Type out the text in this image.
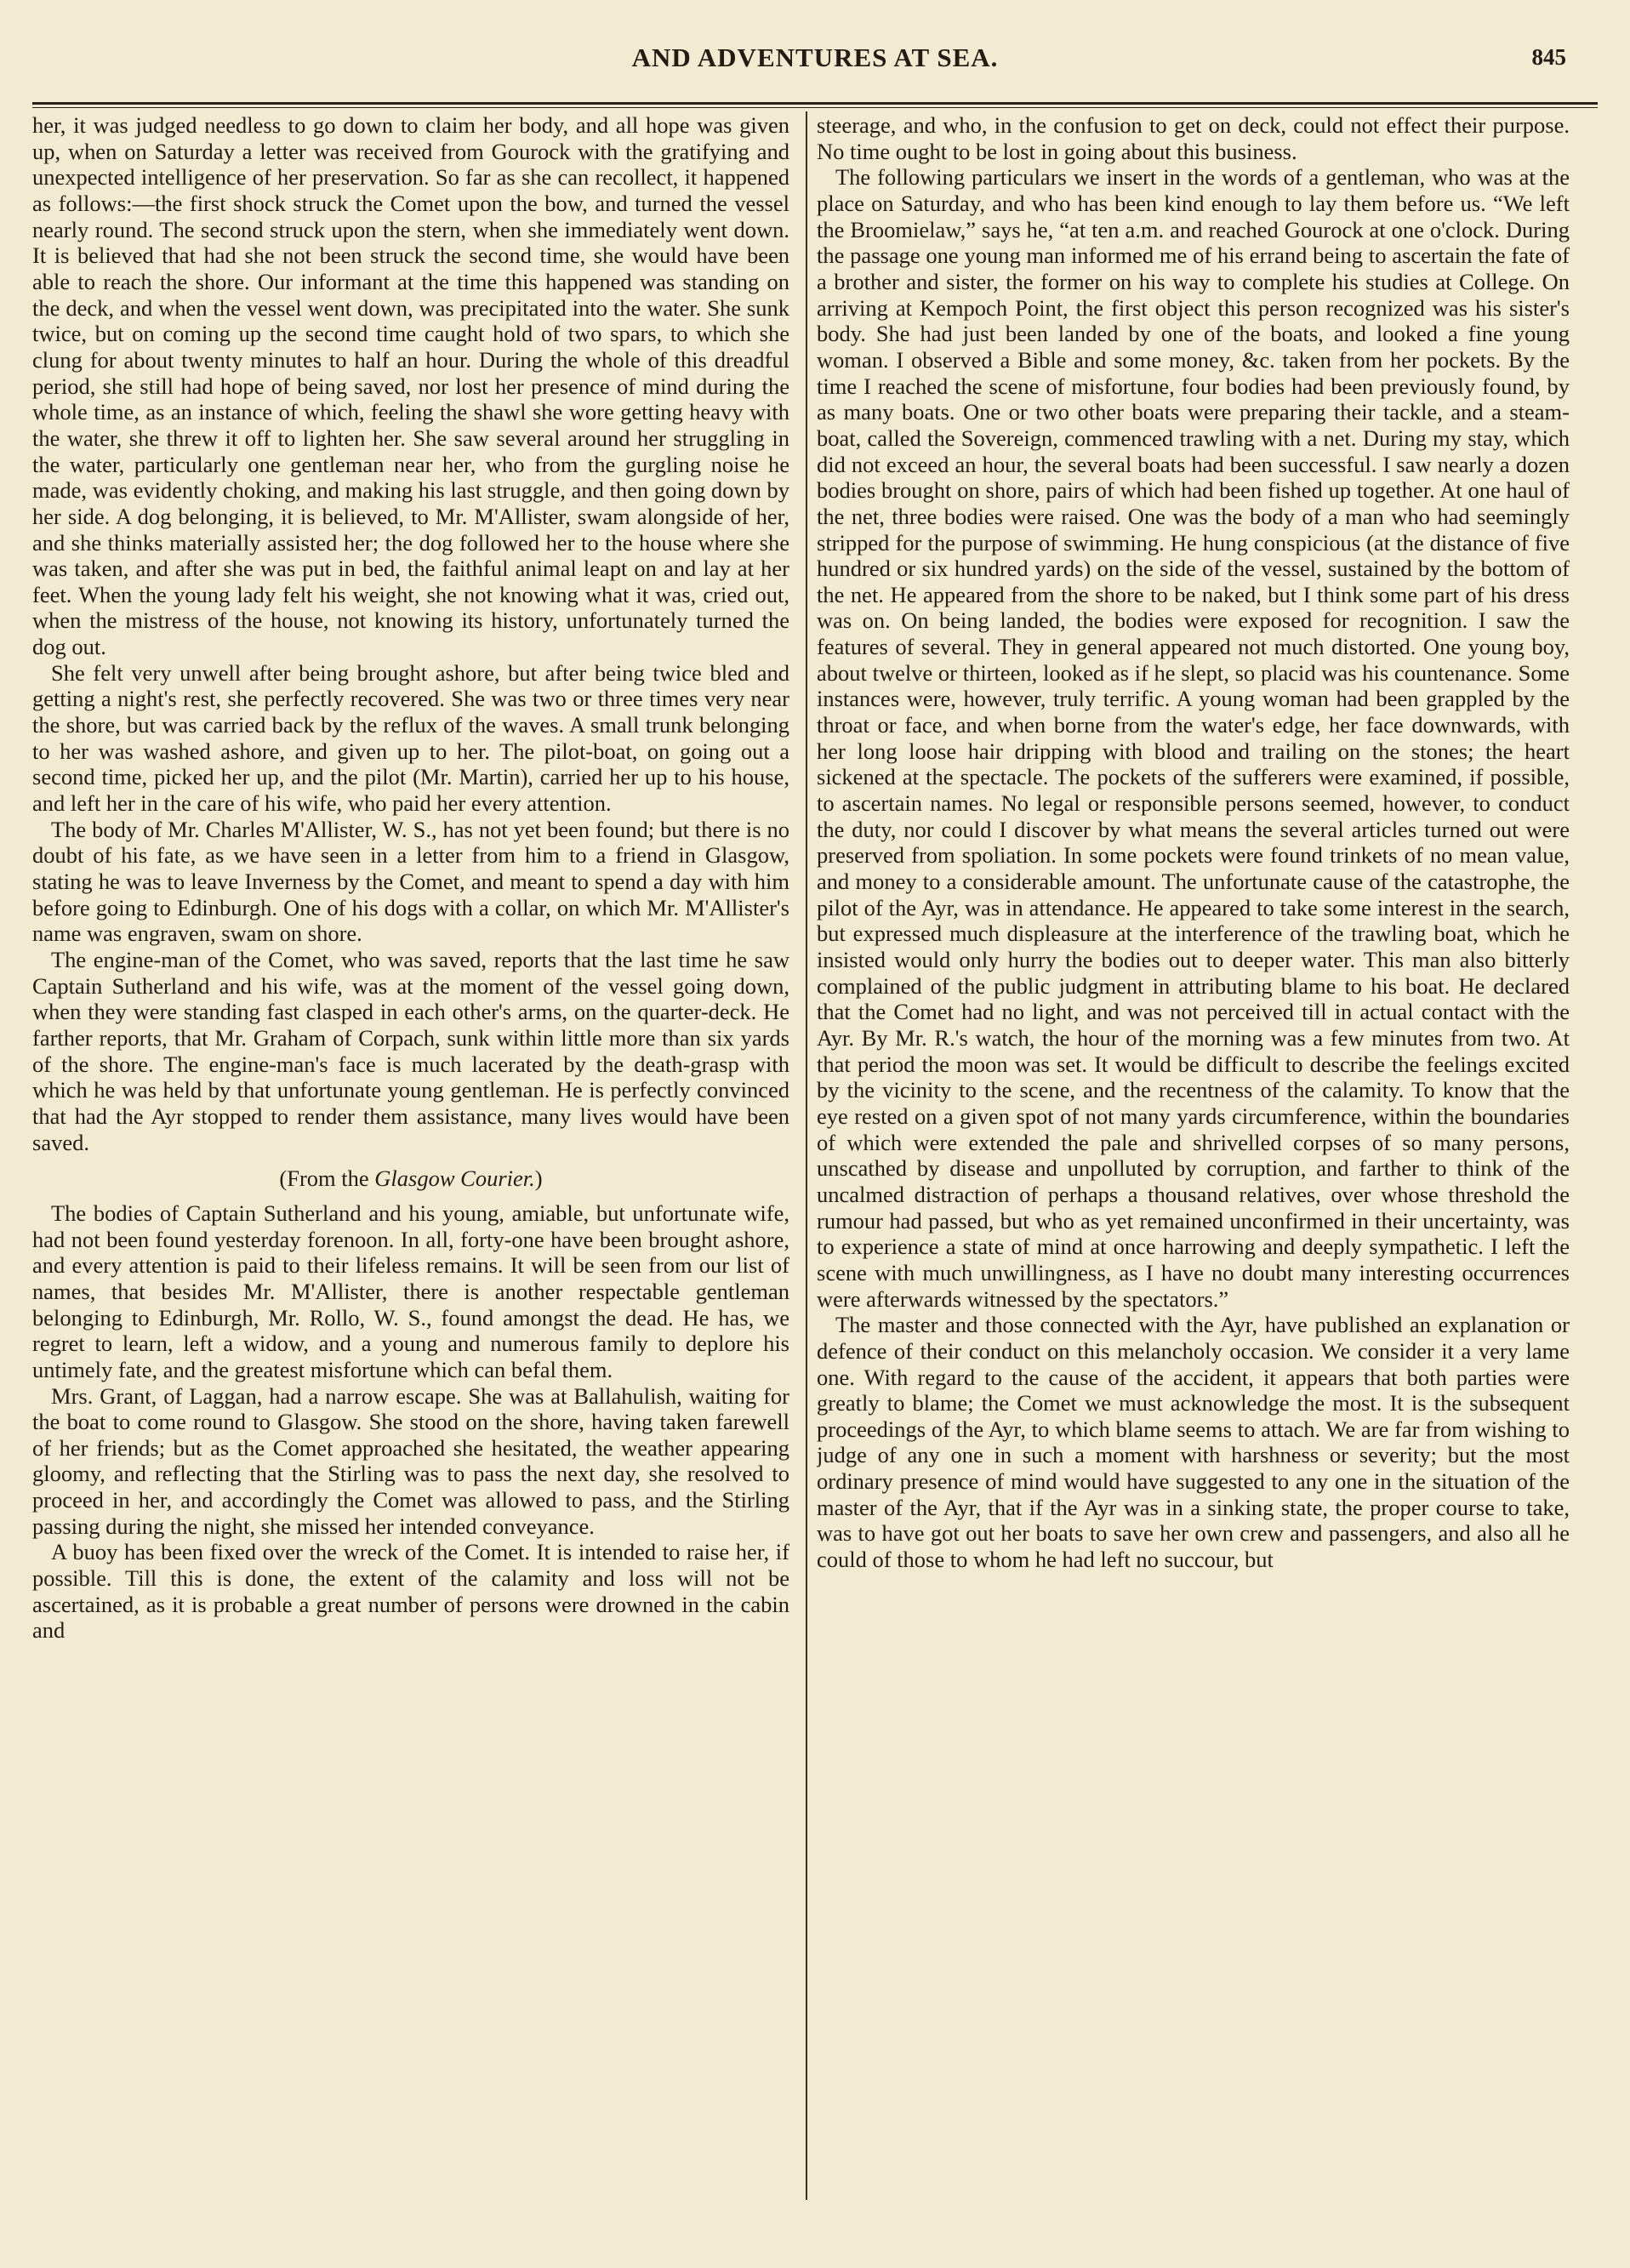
AND ADVENTURES AT SEA.	845

her, it was judged needless to go down to claim her body, and all hope was given up, when on Saturday a letter was received from Gourock with the gratifying and unexpected intelligence of her preservation. So far as she can recollect, it happened as follows:—the first shock struck the Comet upon the bow, and turned the vessel nearly round. The second struck upon the stern, when she immediately went down. It is believed that had she not been struck the second time, she would have been able to reach the shore. Our informant at the time this happened was standing on the deck, and when the vessel went down, was precipitated into the water. She sunk twice, but on coming up the second time caught hold of two spars, to which she clung for about twenty minutes to half an hour. During the whole of this dreadful period, she still had hope of being saved, nor lost her presence of mind during the whole time, as an instance of which, feeling the shawl she wore getting heavy with the water, she threw it off to lighten her. She saw several around her struggling in the water, particularly one gentleman near her, who from the gurgling noise he made, was evidently choking, and making his last struggle, and then going down by her side. A dog belonging, it is believed, to Mr. M'Allister, swam alongside of her, and she thinks materially assisted her; the dog followed her to the house where she was taken, and after she was put in bed, the faithful animal leapt on and lay at her feet. When the young lady felt his weight, she not knowing what it was, cried out, when the mistress of the house, not knowing its history, unfortunately turned the dog out.

She felt very unwell after being brought ashore, but after being twice bled and getting a night's rest, she perfectly recovered. She was two or three times very near the shore, but was carried back by the reflux of the waves. A small trunk belonging to her was washed ashore, and given up to her. The pilot-boat, on going out a second time, picked her up, and the pilot (Mr. Martin), carried her up to his house, and left her in the care of his wife, who paid her every attention.

The body of Mr. Charles M'Allister, W. S., has not yet been found; but there is no doubt of his fate, as we have seen in a letter from him to a friend in Glasgow, stating he was to leave Inverness by the Comet, and meant to spend a day with him before going to Edinburgh. One of his dogs with a collar, on which Mr. M'Allister's name was engraven, swam on shore.

The engine-man of the Comet, who was saved, reports that the last time he saw Captain Sutherland and his wife, was at the moment of the vessel going down, when they were standing fast clasped in each other's arms, on the quarter-deck. He farther reports, that Mr. Graham of Corpach, sunk within little more than six yards of the shore. The engine-man's face is much lacerated by the death-grasp with which he was held by that unfortunate young gentleman. He is perfectly convinced that had the Ayr stopped to render them assistance, many lives would have been saved.

(From the Glasgow Courier.)

The bodies of Captain Sutherland and his young, amiable, but unfortunate wife, had not been found yesterday forenoon. In all, forty-one have been brought ashore, and every attention is paid to their lifeless remains. It will be seen from our list of names, that besides Mr. M'Allister, there is another respectable gentleman belonging to Edinburgh, Mr. Rollo, W. S., found amongst the dead. He has, we regret to learn, left a widow, and a young and numerous family to deplore his untimely fate, and the greatest misfortune which can befal them.

Mrs. Grant, of Laggan, had a narrow escape. She was at Ballahulish, waiting for the boat to come round to Glasgow. She stood on the shore, having taken farewell of her friends; but as the Comet approached she hesitated, the weather appearing gloomy, and reflecting that the Stirling was to pass the next day, she resolved to proceed in her, and accordingly the Comet was allowed to pass, and the Stirling passing during the night, she missed her intended conveyance.

A buoy has been fixed over the wreck of the Comet. It is intended to raise her, if possible. Till this is done, the extent of the calamity and loss will not be ascertained, as it is probable a great number of persons were drowned in the cabin and

steerage, and who, in the confusion to get on deck, could not effect their purpose. No time ought to be lost in going about this business.

The following particulars we insert in the words of a gentleman, who was at the place on Saturday, and who has been kind enough to lay them before us. “We left the Broomielaw,” says he, “at ten a.m. and reached Gourock at one o'clock. During the passage one young man informed me of his errand being to ascertain the fate of a brother and sister, the former on his way to complete his studies at College. On arriving at Kempoch Point, the first object this person recognized was his sister's body. She had just been landed by one of the boats, and looked a fine young woman. I observed a Bible and some money, &c. taken from her pockets. By the time I reached the scene of misfortune, four bodies had been previously found, by as many boats. One or two other boats were preparing their tackle, and a steam-boat, called the Sovereign, commenced trawling with a net. During my stay, which did not exceed an hour, the several boats had been successful. I saw nearly a dozen bodies brought on shore, pairs of which had been fished up together. At one haul of the net, three bodies were raised. One was the body of a man who had seemingly stripped for the purpose of swimming. He hung conspicious (at the distance of five hundred or six hundred yards) on the side of the vessel, sustained by the bottom of the net. He appeared from the shore to be naked, but I think some part of his dress was on. On being landed, the bodies were exposed for recognition. I saw the features of several. They in general appeared not much distorted. One young boy, about twelve or thirteen, looked as if he slept, so placid was his countenance. Some instances were, however, truly terrific. A young woman had been grappled by the throat or face, and when borne from the water's edge, her face downwards, with her long loose hair dripping with blood and trailing on the stones; the heart sickened at the spectacle. The pockets of the sufferers were examined, if possible, to ascertain names. No legal or responsible persons seemed, however, to conduct the duty, nor could I discover by what means the several articles turned out were preserved from spoliation. In some pockets were found trinkets of no mean value, and money to a considerable amount. The unfortunate cause of the catastrophe, the pilot of the Ayr, was in attendance. He appeared to take some interest in the search, but expressed much displeasure at the interference of the trawling boat, which he insisted would only hurry the bodies out to deeper water. This man also bitterly complained of the public judgment in attributing blame to his boat. He declared that the Comet had no light, and was not perceived till in actual contact with the Ayr. By Mr. R.'s watch, the hour of the morning was a few minutes from two. At that period the moon was set. It would be difficult to describe the feelings excited by the vicinity to the scene, and the recentness of the calamity. To know that the eye rested on a given spot of not many yards circumference, within the boundaries of which were extended the pale and shrivelled corpses of so many persons, unscathed by disease and unpolluted by corruption, and farther to think of the uncalmed distraction of perhaps a thousand relatives, over whose threshold the rumour had passed, but who as yet remained unconfirmed in their uncertainty, was to experience a state of mind at once harrowing and deeply sympathetic. I left the scene with much unwillingness, as I have no doubt many interesting occurrences were afterwards witnessed by the spectators.”

The master and those connected with the Ayr, have published an explanation or defence of their conduct on this melancholy occasion. We consider it a very lame one. With regard to the cause of the accident, it appears that both parties were greatly to blame; the Comet we must acknowledge the most. It is the subsequent proceedings of the Ayr, to which blame seems to attach. We are far from wishing to judge of any one in such a moment with harshness or severity; but the most ordinary presence of mind would have suggested to any one in the situation of the master of the Ayr, that if the Ayr was in a sinking state, the proper course to take, was to have got out her boats to save her own crew and passengers, and also all he could of those to whom he had left no succour, but
